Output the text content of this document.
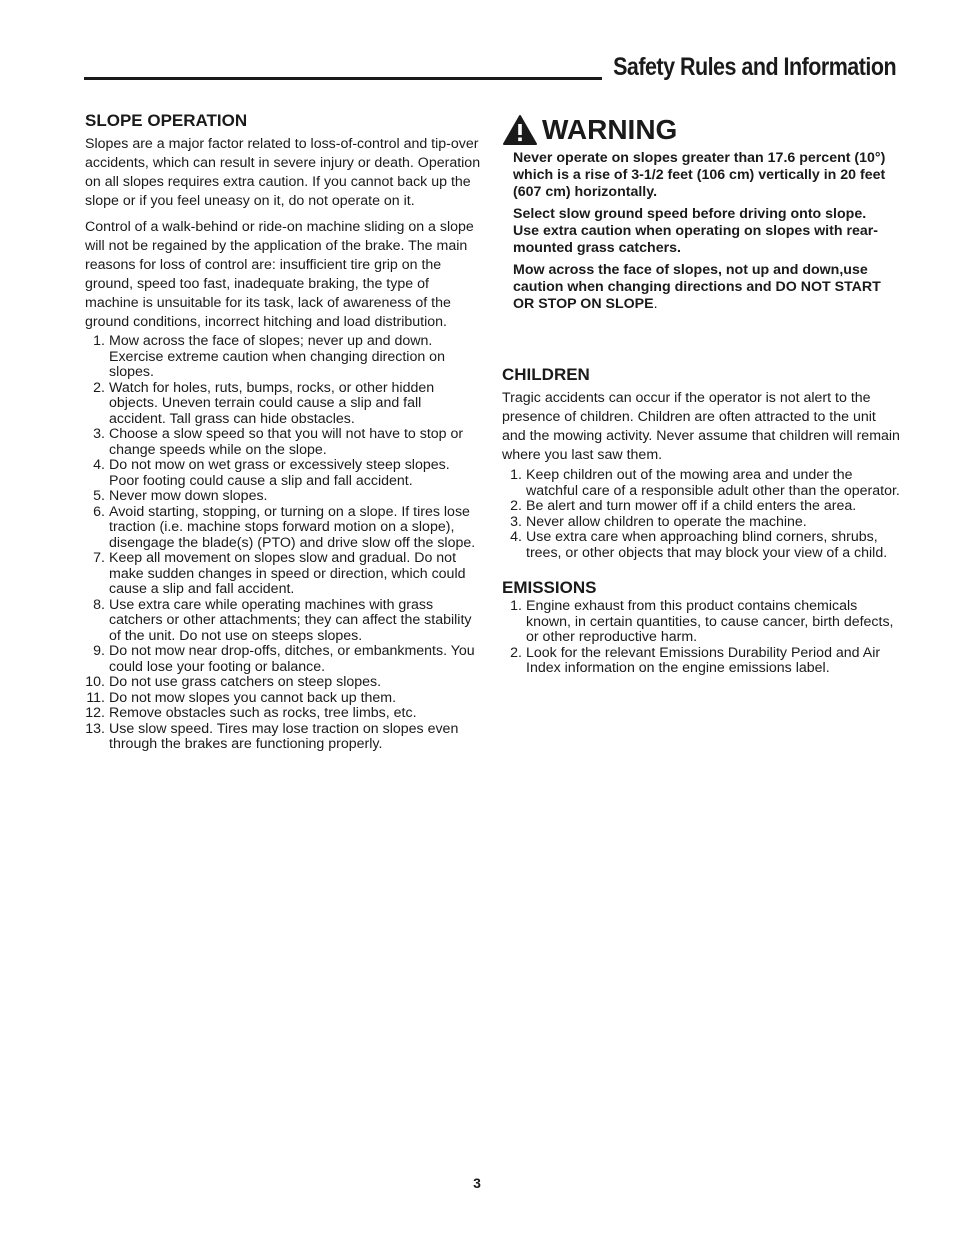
Safety Rules and Information
SLOPE OPERATION

Slopes are a major factor related to loss-of-control and tip-over accidents, which can result in severe injury or death. Operation on all slopes requires extra caution. If you cannot back up the slope or if you feel uneasy on it, do not operate on it.

Control of a walk-behind or ride-on machine sliding on a slope will not be regained by the application of the brake. The main reasons for loss of control are: insufficient tire grip on the ground, speed too fast, inadequate braking, the type of machine is unsuitable for its task, lack of awareness of the ground conditions, incorrect hitching and load distribution.

1. Mow across the face of slopes; never up and down. Exercise extreme caution when changing direction on slopes.
2. Watch for holes, ruts, bumps, rocks, or other hidden objects. Uneven terrain could cause a slip and fall accident. Tall grass can hide obstacles.
3. Choose a slow speed so that you will not have to stop or change speeds while on the slope.
4. Do not mow on wet grass or excessively steep slopes. Poor footing could cause a slip and fall accident.
5. Never mow down slopes.
6. Avoid starting, stopping, or turning on a slope. If tires lose traction (i.e. machine stops forward motion on a slope), disengage the blade(s) (PTO) and drive slow off the slope.
7. Keep all movement on slopes slow and gradual. Do not make sudden changes in speed or direction, which could cause a slip and fall accident.
8. Use extra care while operating machines with grass catchers or other attachments; they can affect the stability of the unit. Do not use on steeps slopes.
9. Do not mow near drop-offs, ditches, or embankments. You could lose your footing or balance.
10. Do not use grass catchers on steep slopes.
11. Do not mow slopes you cannot back up them.
12. Remove obstacles such as rocks, tree limbs, etc.
13. Use slow speed. Tires may lose traction on slopes even through the brakes are functioning properly.
WARNING

Never operate on slopes greater than 17.6 percent (10°) which is a rise of 3-1/2 feet (106 cm) vertically in 20 feet (607 cm) horizontally.

Select slow ground speed before driving onto slope. Use extra caution when operating on slopes with rear-mounted grass catchers.

Mow across the face of slopes, not up and down,use caution when changing directions and DO NOT START OR STOP ON SLOPE.

CHILDREN

Tragic accidents can occur if the operator is not alert to the presence of children. Children are often attracted to the unit and the mowing activity. Never assume that children will remain where you last saw them.

1. Keep children out of the mowing area and under the watchful care of a responsible adult other than the operator.
2. Be alert and turn mower off if a child enters the area.
3. Never allow children to operate the machine.
4. Use extra care when approaching blind corners, shrubs, trees, or other objects that may block your view of a child.
EMISSIONS
1. Engine exhaust from this product contains chemicals known, in certain quantities, to cause cancer, birth defects, or other reproductive harm.
2. Look for the relevant Emissions Durability Period and Air Index information on the engine emissions label.
3
